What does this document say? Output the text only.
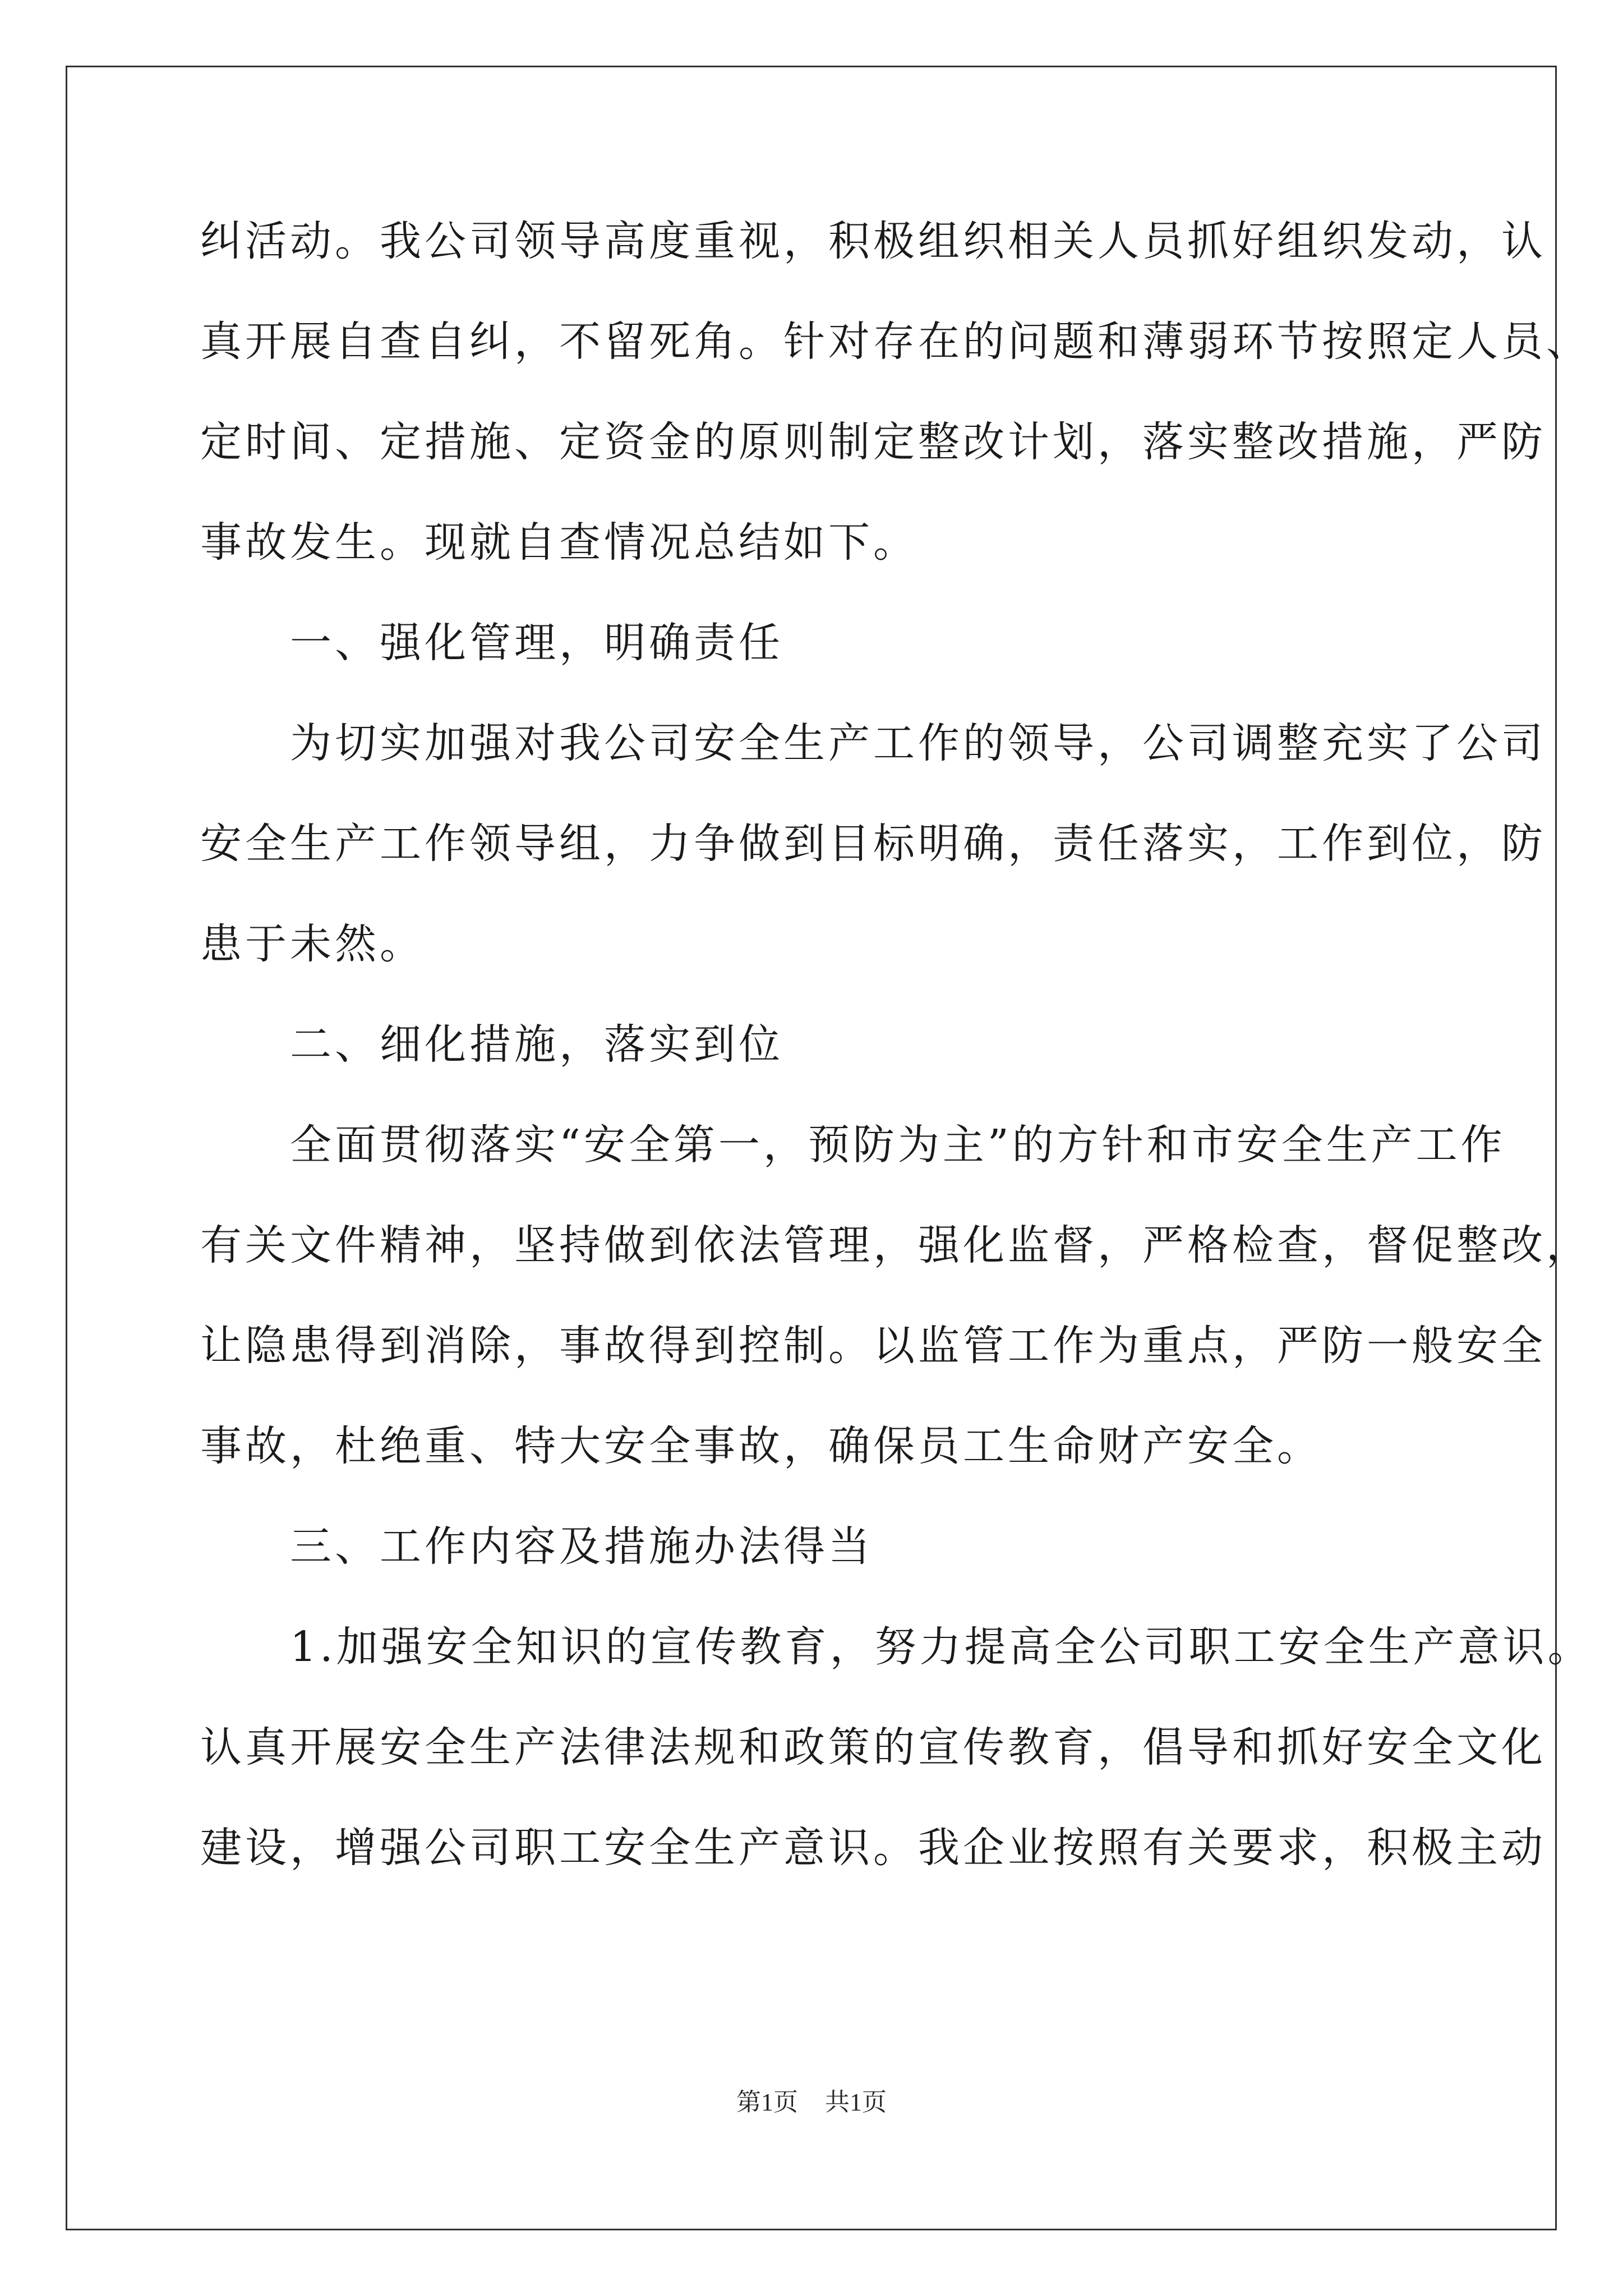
纠活动。我公司领导高度重视，积极组织相关人员抓好组织发动，认
真开展自查自纠，不留死角。针对存在的问题和薄弱环节按照定人员、
定时间、定措施、定资金的原则制定整改计划，落实整改措施，严防
事故发生。现就自查情况总结如下。
　　一、强化管理，明确责任
　　为切实加强对我公司安全生产工作的领导，公司调整充实了公司
安全生产工作领导组，力争做到目标明确，责任落实，工作到位，防
患于未然。
　　二、细化措施，落实到位
　　全面贯彻落实“安全第一，预防为主”的方针和市安全生产工作
有关文件精神，坚持做到依法管理，强化监督，严格检查，督促整改，
让隐患得到消除，事故得到控制。以监管工作为重点，严防一般安全
事故，杜绝重、特大安全事故，确保员工生命财产安全。
　　三、工作内容及措施办法得当
　　1.加强安全知识的宣传教育，努力提高全公司职工安全生产意识。
认真开展安全生产法律法规和政策的宣传教育，倡导和抓好安全文化
建设，增强公司职工安全生产意识。我企业按照有关要求，积极主动
第1页 共1页
